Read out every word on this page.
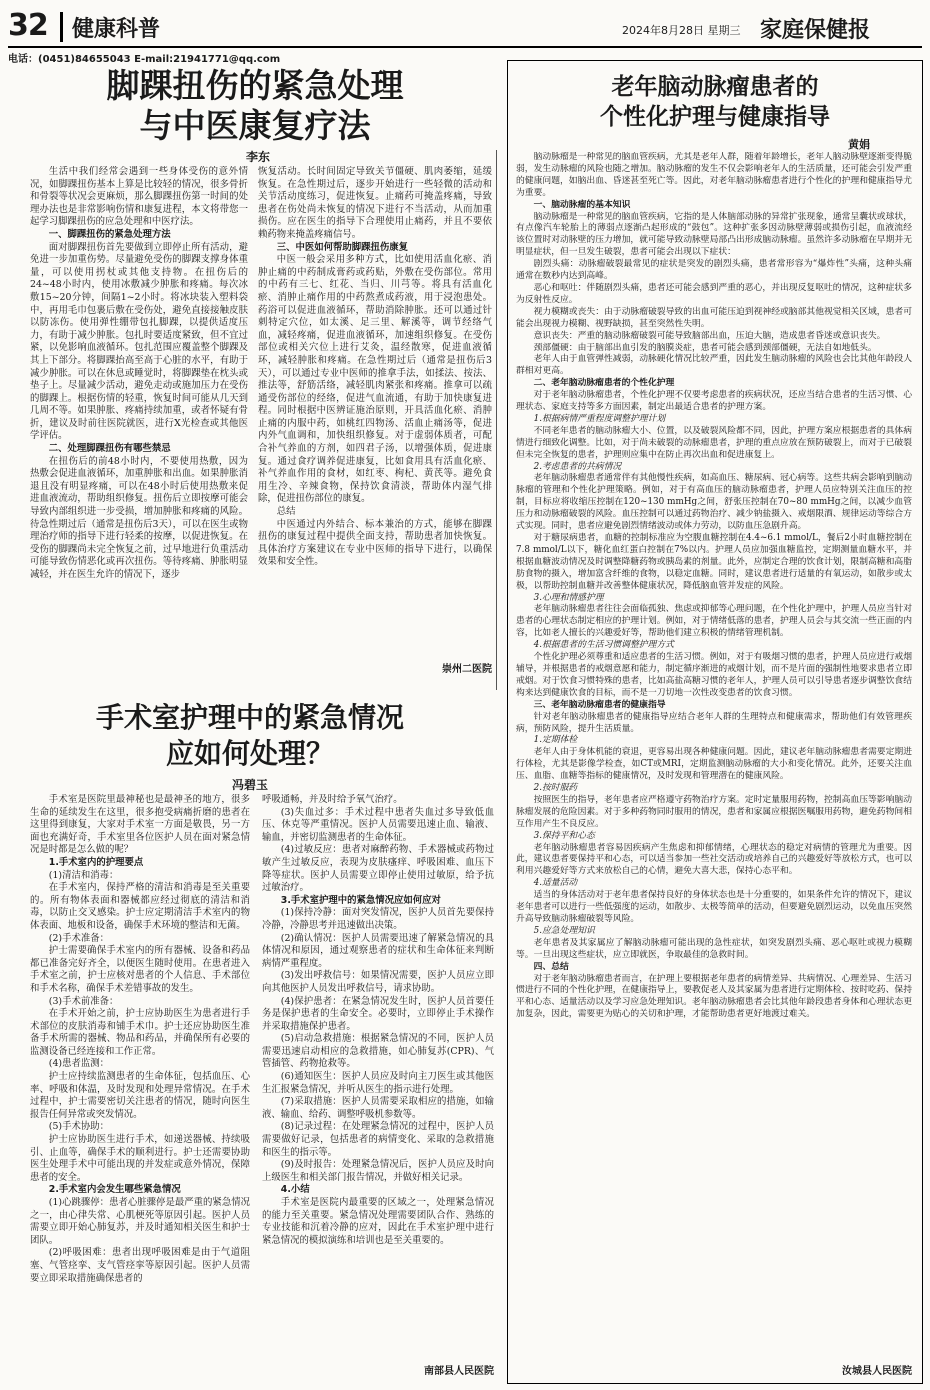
32 健康科普	2024年8月28日 星期三 家庭保健报
电话：(0451)84655043 E-mail:21941771@qq.com
脚踝扭伤的紧急处理
与中医康复疗法
李东

生活中我们经常会遇到一些身体受伤的意外情况，如脚踝扭伤基本上算是比较轻的情况，很多骨折和骨裂等状况会更麻烦，那么脚踝扭伤第一时间的处理办法也是非常影响伤情和康复进程，本文将带您一起学习脚踝扭伤的应急处理和中医疗法。

一、脚踝扭伤的紧急处理方法

面对脚踝扭伤首先要做到立即停止所有活动，避免进一步加重伤势。尽量避免受伤的脚踝支撑身体重量，可以使用拐杖或其他支持物。在扭伤后的24~48小时内，使用冰敷减少肿胀和疼痛。每次冰敷15~20分钟，间隔1~2小时。将冰块装入塑料袋中，再用毛巾包裹后敷在受伤处，避免直接接触皮肤以防冻伤。使用弹性绷带包扎脚踝，以提供适度压力，有助于减少肿胀。包扎时要适度紧致，但不宜过紧，以免影响血液循环。包扎范围应覆盖整个脚踝及其上下部分。将脚踝抬高至高于心脏的水平，有助于减少肿胀。可以在休息或睡觉时，将脚踝垫在枕头或垫子上。尽量减少活动，避免走动或施加压力在受伤的脚踝上。根据伤情的轻重，恢复时间可能从几天到几周不等。如果肿胀、疼痛持续加重，或者怀疑有骨折，建议及时前往医院就医，进行X光检查或其他医学评估。

二、处理脚踝扭伤有哪些禁忌

在扭伤后的前48小时内，不要使用热敷，因为热敷会促进血液循环，加重肿胀和出血。如果肿胀消退且没有明显疼痛，可以在48小时后使用热敷来促进血液流动，帮助组织修复。扭伤后立即按摩可能会导致内部组织进一步受损，增加肿胀和疼痛的风险。待急性期过后（通常是扭伤后3天），可以在医生或物理治疗师的指导下进行轻柔的按摩，以促进恢复。在受伤的脚踝尚未完全恢复之前，过早地进行负重活动可能导致伤情恶化或再次扭伤。等待疼痛、肿胀明显减轻，并在医生允许的情况下，逐步

恢复活动。长时间固定导致关节僵硬、肌肉萎缩，延缓恢复。在急性期过后，逐步开始进行一些轻微的活动和关节活动度练习，促进恢复。止痛药可掩盖疼痛，导致患者在伤处尚未恢复的情况下进行不当活动，从而加重损伤。应在医生的指导下合理使用止痛药，并且不要依赖药物来掩盖疼痛信号。

三、中医如何帮助脚踝扭伤康复

中医一般会采用多种方式，比如使用活血化瘀、消肿止痛的中药制成膏药或药贴，外敷在受伤部位。常用的中药有三七、红花、当归、川芎等。将具有活血化瘀、消肿止痛作用的中药熬煮成药液，用于浸泡患处。药浴可以促进血液循环，帮助消除肿胀。还可以通过针刺特定穴位，如太溪、足三里、解溪等，调节经络气血，减轻疼痛，促进血液循环，加速组织修复。在受伤部位或相关穴位上进行艾灸，温经散寒，促进血液循环，减轻肿胀和疼痛。在急性期过后（通常是扭伤后3天），可以通过专业中医师的推拿手法，如揉法、按法、推法等，舒筋活络，减轻肌肉紧张和疼痛。推拿可以疏通受伤部位的经络，促进气血流通，有助于加快康复进程。同时根据中医辨证施治原则，开具活血化瘀、消肿止痛的内服中药，如桃红四物汤、活血止痛汤等，促进内外气血调和，加快组织修复。对于虚弱体质者，可配合补气养血的方剂，如四君子汤，以增强体质，促进康复。通过食疗调养促进康复，比如食用具有活血化瘀、补气养血作用的食材，如红枣、枸杞、黄芪等。避免食用生冷、辛辣食物，保持饮食清淡，帮助体内湿气排除，促进扭伤部位的康复。

总结

中医通过内外结合、标本兼治的方式，能够在脚踝扭伤的康复过程中提供全面支持，帮助患者加快恢复。具体治疗方案建议在专业中医师的指导下进行，以确保效果和安全性。

崇州二医院
手术室护理中的紧急情况
应如何处理？
冯碧玉

手术室是医院里最神秘也是最神圣的地方，很多生命的延续发生在这里，很多抱受病痛折磨的患者在这里得到康复，大家对手术室一方面是敬畏，另一方面也充满好奇，手术室里各位医护人员在面对紧急情况是时都是怎么做的呢？

1.手术室内的护理要点

(1)清洁和消毒：

在手术室内，保持严格的清洁和消毒是至关重要的。所有物体表面和器械都应经过彻底的清洁和消毒，以防止交叉感染。护士应定期清洁手术室内的物体表面、地板和设备，确保手术环境的整洁和无菌。

(2)手术准备：

护士需要确保手术室内的所有器械、设备和药品都已准备完好齐全，以便医生随时使用。在患者进入手术室之前，护士应核对患者的个人信息、手术部位和手术名称，确保手术差错事故的发生。

(3)手术前准备：

在手术开始之前，护士应协助医生为患者进行手术部位的皮肤消毒和铺手术巾。护士还应协助医生准备手术所需的器械、物品和药品，并确保所有必要的监测设备已经连接和工作正常。

(4)患者监测：

护士应持续监测患者的生命体征，包括血压、心率、呼吸和体温，及时发现和处理异常情况。在手术过程中，护士需要密切关注患者的情况，随时向医生报告任何异常或突发情况。

(5)手术协助：

护士应协助医生进行手术，如递送器械、持续吸引、止血等，确保手术的顺利进行。护士还需要协助医生处理手术中可能出现的并发症或意外情况，保障患者的安全。

2.手术室内会发生哪些紧急情况

(1)心跳骤停：患者心脏骤停是最严重的紧急情况之一，由心律失常、心肌梗死等原因引起。医护人员需要立即开始心肺复苏，并及时通知相关医生和护士团队。

(2)呼吸困难：患者出现呼吸困难是由于气道阻塞、气管痉挛、支气管痉挛等原因引起。医护人员需要立即采取措施确保患者的

呼吸通畅，并及时给予氧气治疗。

(3)失血过多：手术过程中患者失血过多导致低血压、休克等严重情况。医护人员需要迅速止血、输液、输血，并密切监测患者的生命体征。

(4)过敏反应：患者对麻醉药物、手术器械或药物过敏产生过敏反应，表现为皮肤瘙痒、呼吸困难、血压下降等症状。医护人员需要立即停止使用过敏原，给予抗过敏治疗。

3.手术室护理中的紧急情况应如何应对

(1)保持冷静：面对突发情况，医护人员首先要保持冷静，冷静思考并迅速做出决策。

(2)确认情况：医护人员需要迅速了解紧急情况的具体情况和原因，通过观察患者的症状和生命体征来判断病情严重程度。

(3)发出呼救信号：如果情况需要，医护人员应立即向其他医护人员发出呼救信号，请求协助。

(4)保护患者：在紧急情况发生时，医护人员首要任务是保护患者的生命安全。必要时，立即停止手术操作并采取措施保护患者。

(5)启动急救措施：根据紧急情况的不同，医护人员需要迅速启动相应的急救措施，如心肺复苏(CPR)、气管插管、药物抢救等。

(6)通知医生：医护人员应及时向主刀医生或其他医生汇报紧急情况，并听从医生的指示进行处理。

(7)采取措施：医护人员需要采取相应的措施，如输液、输血、给药、调整呼吸机参数等。

(8)记录过程：在处理紧急情况的过程中，医护人员需要做好记录，包括患者的病情变化、采取的急救措施和医生的指示等。

(9)及时报告：处理紧急情况后，医护人员应及时向上级医生和相关部门报告情况，并做好相关记录。

4.小结

手术室是医院内最重要的区域之一，处理紧急情况的能力至关重要。紧急情况处理需要团队合作、熟练的专业技能和沉着冷静的应对，因此在手术室护理中进行紧急情况的模拟演练和培训也是至关重要的。

南部县人民医院
老年脑动脉瘤患者的
个性化护理与健康指导
黄娟

脑动脉瘤是一种常见的脑血管疾病，尤其是老年人群，随着年龄增长，老年人脑动脉壁逐渐变得脆弱，发生动脉瘤的风险也随之增加。脑动脉瘤的发生不仅会影响老年人的生活质量，还可能会引发严重的健康问题，如脑出血、昏迷甚至死亡等。因此，对老年脑动脉瘤患者进行个性化的护理和健康指导尤为重要。

一、脑动脉瘤的基本知识

脑动脉瘤是一种常见的脑血管疾病，它指的是人体脑部动脉的异常扩张现象，通常呈囊状或球状，有点像汽车轮胎上的薄弱点逐渐凸起形成的“鼓包”。这种扩张多因动脉壁薄弱或损伤引起，血液流经该位置时对动脉壁的压力增加，就可能导致动脉壁局部凸出形成脑动脉瘤。虽然许多动脉瘤在早期并无明显症状，但一旦发生破裂，患者可能会出现以下症状：

剧烈头痛：动脉瘤破裂最常见的症状是突发的剧烈头痛，患者常形容为“爆炸性”头痛，这种头痛通常在数秒内达到高峰。

恶心和呕吐：伴随剧烈头痛，患者还可能会感到严重的恶心，并出现反复呕吐的情况，这种症状多为反射性反应。

视力模糊或丧失：由于动脉瘤破裂导致的出血可能压迫到视神经或脑部其他视觉相关区域，患者可能会出现视力模糊、视野缺损，甚至突然性失明。

意识丧失：严重的脑动脉瘤破裂可能导致脑部出血，压迫大脑，造成患者昏迷或意识丧失。

颈部僵硬：由于脑部出血引发的脑膜炎症，患者可能会感到颈部僵硬，无法自如地低头。

老年人由于血管弹性减弱，动脉硬化情况比较严重，因此发生脑动脉瘤的风险也会比其他年龄段人群相对更高。

二、老年脑动脉瘤患者的个性化护理

对于老年脑动脉瘤患者，个性化护理不仅要考虑患者的疾病状况，还应当结合患者的生活习惯、心理状态、家庭支持等多方面因素，制定出最适合患者的护理方案。

1.根据病情严重程度调整护理计划

不同老年患者的脑动脉瘤大小、位置，以及破裂风险都不同，因此，护理方案应根据患者的具体病情进行细致化调整。比如，对于尚未破裂的动脉瘤患者，护理的重点应放在预防破裂上，而对于已破裂但未完全恢复的患者，护理则应集中在防止再次出血和促进康复上。

2.考虑患者的共病情况

老年脑动脉瘤患者通常伴有其他慢性疾病，如高血压、糖尿病、冠心病等。这些共病会影响到脑动脉瘤的管理和个性化护理策略。例如，对于有高血压的脑动脉瘤患者，护理人员应特别关注血压的控制，目标应将收缩压控制在120~130 mmHg之间，舒张压控制在70~80 mmHg之间，以减少血管压力和动脉瘤破裂的风险。血压控制可以通过药物治疗、减少钠盐摄入、戒烟限酒、规律运动等综合方式实现。同时，患者应避免剧烈情绪波动或体力劳动，以防血压急剧升高。

对于糖尿病患者，血糖的控制标准应为空腹血糖控制在4.4~6.1 mmol/L，餐后2小时血糖控制在7.8 mmol/L以下，糖化血红蛋白控制在7%以内。护理人员应加强血糖监控，定期测量血糖水平，并根据血糖波动情况及时调整降糖药物或胰岛素的剂量。此外，应制定合理的饮食计划，限制高糖和高脂肪食物的摄入，增加富含纤维的食物，以稳定血糖。同时，建议患者进行适量的有氧运动，如散步或太极，以帮助控制血糖并改善整体健康状况，降低脑血管并发症的风险。

3.心理和情感护理

老年脑动脉瘤患者往往会面临孤独、焦虑或抑郁等心理问题，在个性化护理中，护理人员应当针对患者的心理状态制定相应的护理计划。例如，对于情绪低落的患者，护理人员会与其交流一些正面的内容，比如老人擅长的兴趣爱好等，帮助他们建立积极的情绪管理机制。

4.根据患者的生活习惯调整护理方式

个性化护理必须尊重和适应患者的生活习惯。例如，对于有吸烟习惯的患者，护理人员应进行戒烟辅导，并根据患者的戒烟意愿和能力，制定循序渐进的戒烟计划，而不是片面的强制性地要求患者立即戒烟。对于饮食习惯特殊的患者，比如高盐高糖习惯的老年人，护理人员可以引导患者逐步调整饮食结构来达到健康饮食的目标，而不是一刀切地一次性改变患者的饮食习惯。

三、老年脑动脉瘤患者的健康指导

针对老年脑动脉瘤患者的健康指导应结合老年人群的生理特点和健康需求，帮助他们有效管理疾病，预防风险，提升生活质量。

1.定期体检

老年人由于身体机能的衰退，更容易出现各种健康问题。因此，建议老年脑动脉瘤患者需要定期进行体检，尤其是影像学检查，如CT或MRI，定期监测脑动脉瘤的大小和变化情况。此外，还要关注血压、血脂、血糖等指标的健康情况，及时发现和管理潜在的健康风险。

2.按时服药

按照医生的指导，老年患者应严格遵守药物治疗方案。定时定量服用药物，控制高血压等影响脑动脉瘤发展的危险因素。对于多种药物同时服用的情况，患者和家属应根据医嘱服用药物，避免药物间相互作用产生不良反应。

3.保持平和心态

老年脑动脉瘤患者容易因疾病产生焦虑和抑郁情绪，心理状态的稳定对病情的管理尤为重要。因此，建议患者要保持平和心态，可以适当参加一些社交活动或培养自己的兴趣爱好等放松方式，也可以利用兴趣爱好等方式来放松自己的心情，避免大喜大悲，保持心态平和。

4.适量活动

适当的身体活动对于老年患者保持良好的身体状态也是十分重要的，如果条件允许的情况下，建议老年患者可以进行一些低强度的运动，如散步、太极等简单的活动，但要避免剧烈运动，以免血压突然升高导致脑动脉瘤破裂等风险。

5.应急处理知识

老年患者及其家属应了解脑动脉瘤可能出现的急性症状，如突发剧烈头痛、恶心呕吐或视力模糊等。一旦出现这些症状，应立即就医，争取最佳的急救时间。

四、总结

对于老年脑动脉瘤患者而言，在护理上要根据老年患者的病情差异、共病情况、心理差异、生活习惯进行不同的个性化护理，在健康指导上，要教促老人及其家属为患者进行定期体检、按时吃药、保持平和心态、适量活动以及学习应急处理知识。老年脑动脉瘤患者会比其他年龄段患者身体和心理状态更加复杂，因此，需要更为贴心的关切和护理，才能帮助患者更好地渡过难关。

汝城县人民医院
